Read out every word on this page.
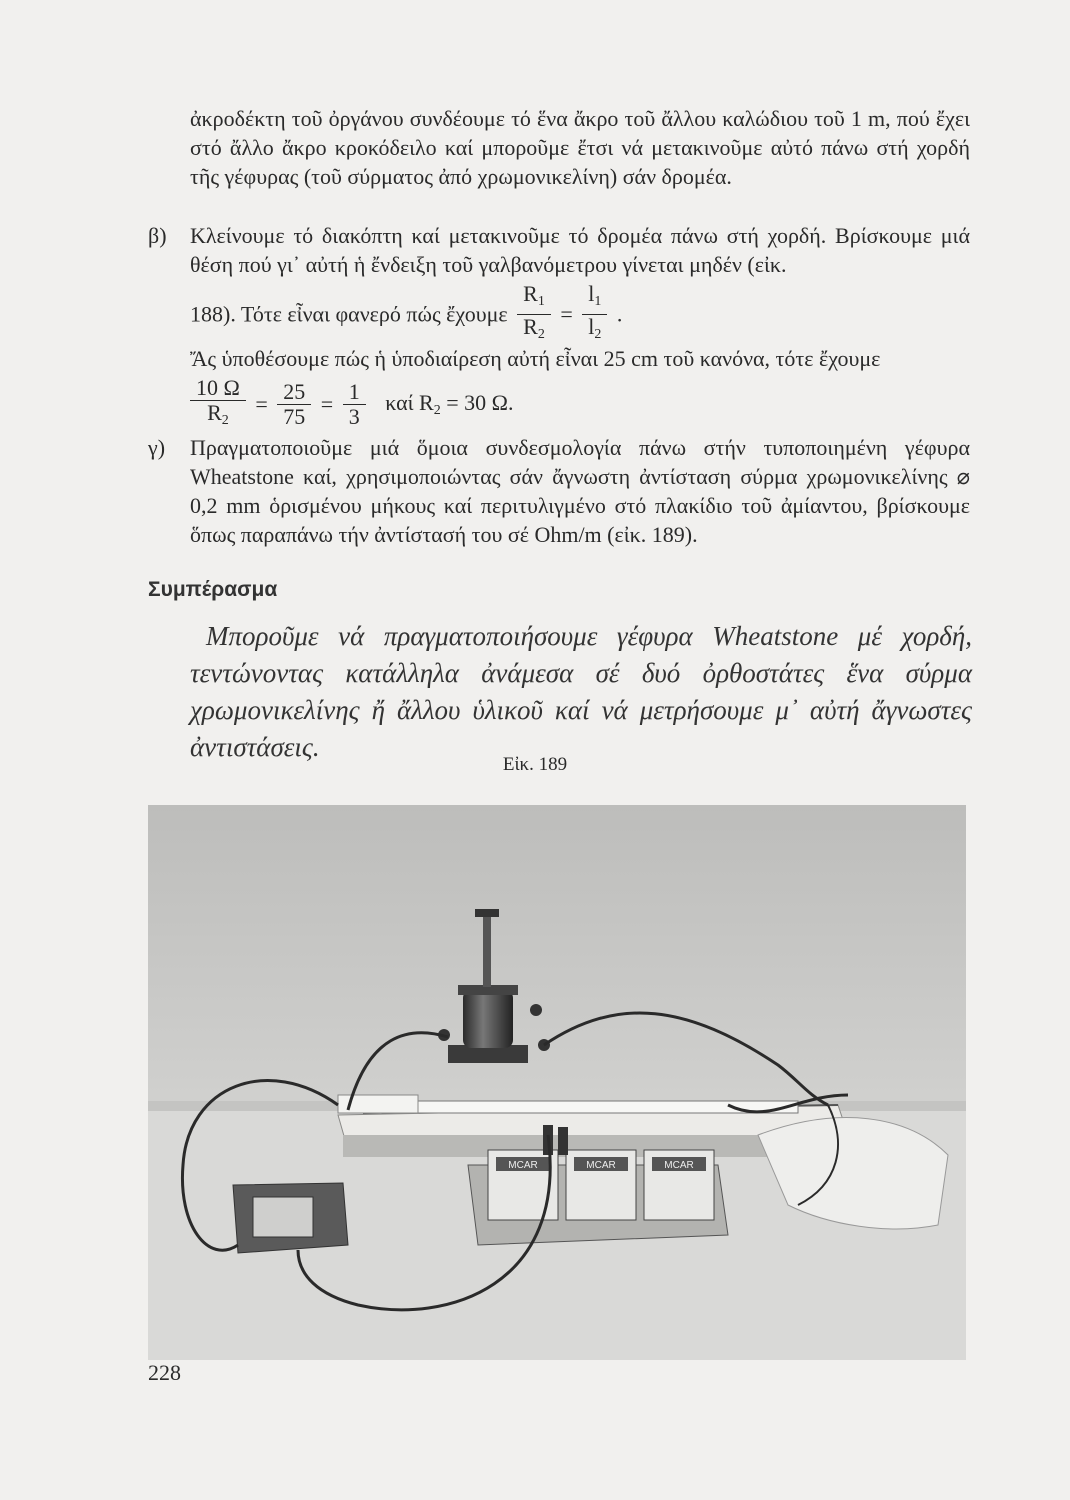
ἀκροδέκτη τοῦ ὀργάνου συνδέουμε τό ἕνα ἄκρο τοῦ ἄλλου καλώδιου τοῦ 1 m, πού ἔχει στό ἄλλο ἄκρο κροκόδειλο καί μποροῦμε ἔτσι νά μετακινοῦμε αὐτό πάνω στή χορδή τῆς γέφυρας (τοῦ σύρματος ἀπό χρωμονικελίνη) σάν δρομέα.

β) Κλείνουμε τό διακόπτη καί μετακινοῦμε τό δρομέα πάνω στή χορδή. Βρίσκουμε μιά θέση πού γι᾽ αὐτή ἡ ἔνδειξη τοῦ γαλβανόμετρου γίνεται μηδέν (εἰκ.
188). Τότε εἶναι φανερό πώς ἔχουμε $\frac{R_1}{R_2} = \frac{l_1}{l_2}$ .

Ἄς ὑποθέσουμε πώς ἡ ὑποδιαίρεση αὐτή εἶναι 25 cm τοῦ κανόνα, τότε ἔχουμε

$\frac{10 \Omega}{R_2} = \frac{25}{75} = \frac{1}{3}$ καί $R_2 = 30$ Ω.
γ) Πραγματοποιοῦμε μιά ὅμοια συνδεσμολογία πάνω στήν τυποποιημένη γέφυρα Wheatstone καί, χρησιμοποιώντας σάν ἄγνωστη ἀντίσταση σύρμα χρωμονικελίνης ⌀ 0,2 mm ὁρισμένου μήκους καί περιτυλιγμένο στό πλακίδιο τοῦ ἀμίαντου, βρίσκουμε ὅπως παραπάνω τήν ἀντίστασή του σέ Ohm/m (εἰκ. 189).
Συμπέρασμα

Μποροῦμε νά πραγματοποιήσουμε γέφυρα Wheatstone μέ χορδή, τεντώνοντας κατάλληλα ἀνάμεσα σέ δυό ὀρθοστάτες ἕνα σύρμα χρωμονικελίνης ἤ ἄλλου ὑλικοῦ καί νά μετρήσουμε μ᾽ αὐτή ἄγνωστες ἀντιστάσεις.

Εἰκ. 189
MCAR	MCAR	MCAR
228
